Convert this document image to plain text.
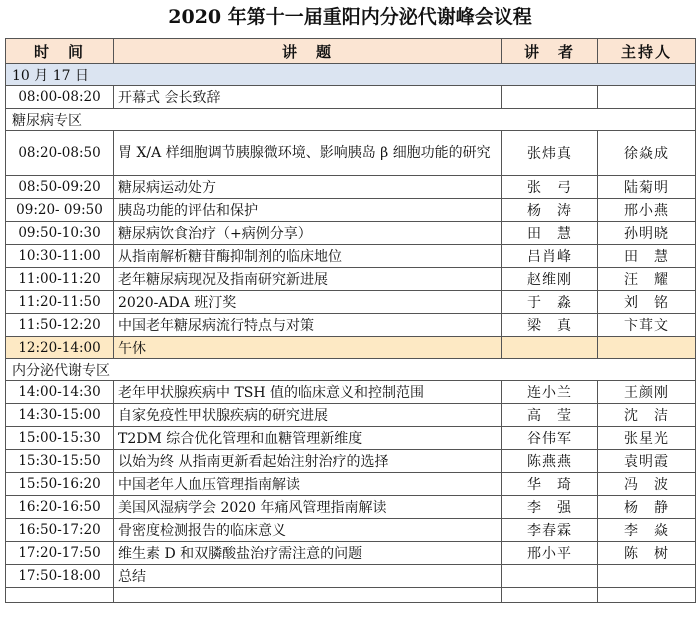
2020 年第十一届重阳内分泌代谢峰会议程
时　间	讲　题	讲　者	主持人
10 月 17 日			
08:00-08:20	开幕式 会长致辞		
糖尿病专区			
08:20-08:50	胃 X/A 样细胞调节胰腺微环境、影响胰岛 β 细胞功能的研究	张炜真	徐焱成
08:50-09:20	糖尿病运动处方	张　弓	陆菊明
09:20- 09:50	胰岛功能的评估和保护	杨　涛	邢小燕
09:50-10:30	糖尿病饮食治疗（+病例分享）	田　慧	孙明晓
10:30-11:00	从指南解析糖苷酶抑制剂的临床地位	吕肖峰	田　慧
11:00-11:20	老年糖尿病现况及指南研究新进展	赵维刚	汪　耀
11:20-11:50	2020-ADA 班汀奖	于　淼	刘　铭
11:50-12:20	中国老年糖尿病流行特点与对策	梁　真	卞茸文
12:20-14:00	午休		
内分泌代谢专区			
14:00-14:30	老年甲状腺疾病中 TSH 值的临床意义和控制范围	连小兰	王颜刚
14:30-15:00	自家免疫性甲状腺疾病的研究进展	高　莹	沈　洁
15:00-15:30	T2DM 综合优化管理和血糖管理新维度	谷伟军	张星光
15:30-15:50	以始为终 从指南更新看起始注射治疗的选择	陈燕燕	袁明霞
15:50-16:20	中国老年人血压管理指南解读	华　琦	冯　波
16:20-16:50	美国风湿病学会 2020 年痛风管理指南解读	李　强	杨　静
16:50-17:20	骨密度检测报告的临床意义	李春霖	李　焱
17:20-17:50	维生素 D 和双膦酸盐治疗需注意的问题	邢小平	陈　树
17:50-18:00	总结		
